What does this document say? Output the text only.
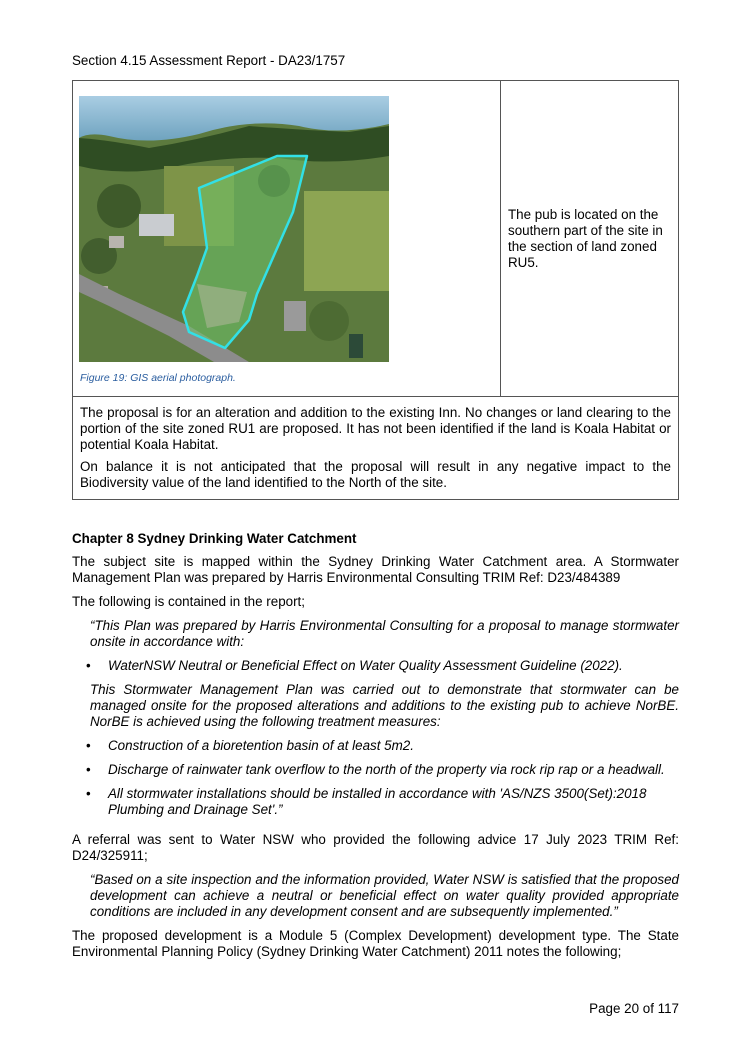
Section 4.15 Assessment Report - DA23/1757
Figure 19: GIS aerial photograph.
The pub is located on the southern part of the site in the section of land zoned RU5.

The proposal is for an alteration and addition to the existing Inn. No changes or land clearing to the portion of the site zoned RU1 are proposed. It has not been identified if the land is Koala Habitat or potential Koala Habitat.

On balance it is not anticipated that the proposal will result in any negative impact to the Biodiversity value of the land identified to the North of the site.

Chapter 8 Sydney Drinking Water Catchment

The subject site is mapped within the Sydney Drinking Water Catchment area. A Stormwater Management Plan was prepared by Harris Environmental Consulting TRIM Ref: D23/484389

The following is contained in the report;

“This Plan was prepared by Harris Environmental Consulting for a proposal to manage stormwater onsite in accordance with:

• WaterNSW Neutral or Beneficial Effect on Water Quality Assessment Guideline (2022).

This Stormwater Management Plan was carried out to demonstrate that stormwater can be managed onsite for the proposed alterations and additions to the existing pub to achieve NorBE. NorBE is achieved using the following treatment measures:

• Construction of a bioretention basin of at least 5m2.
• Discharge of rainwater tank overflow to the north of the property via rock rip rap or a headwall.
• All stormwater installations should be installed in accordance with 'AS/NZS 3500(Set):2018 Plumbing and Drainage Set'.”

A referral was sent to Water NSW who provided the following advice 17 July 2023 TRIM Ref: D24/325911;

“Based on a site inspection and the information provided, Water NSW is satisfied that the proposed development can achieve a neutral or beneficial effect on water quality provided appropriate conditions are included in any development consent and are subsequently implemented.”

The proposed development is a Module 5 (Complex Development) development type. The State Environmental Planning Policy (Sydney Drinking Water Catchment) 2011 notes the following;

Page 20 of 117
